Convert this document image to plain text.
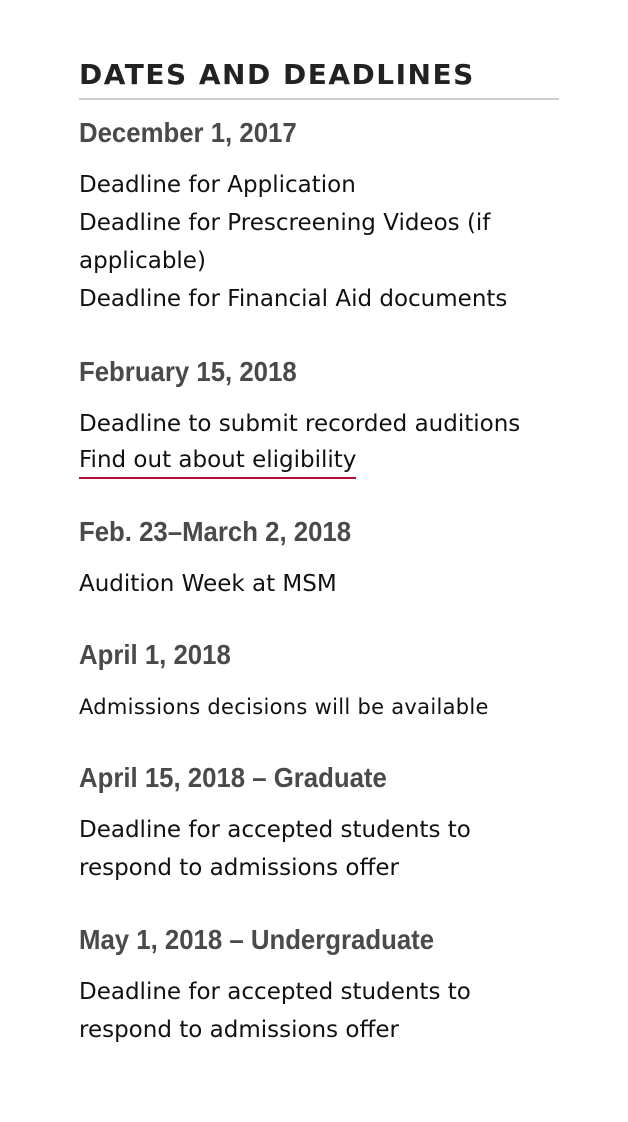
DATES AND DEADLINES
December 1, 2017
Deadline for Application
Deadline for Prescreening Videos (if
applicable)
Deadline for Financial Aid documents
February 15, 2018
Deadline to submit recorded auditions
Find out about eligibility
Feb. 23–March 2, 2018
Audition Week at MSM
April 1, 2018
Admissions decisions will be available
April 15, 2018 – Graduate
Deadline for accepted students to
respond to admissions offer
May 1, 2018 – Undergraduate
Deadline for accepted students to
respond to admissions offer
